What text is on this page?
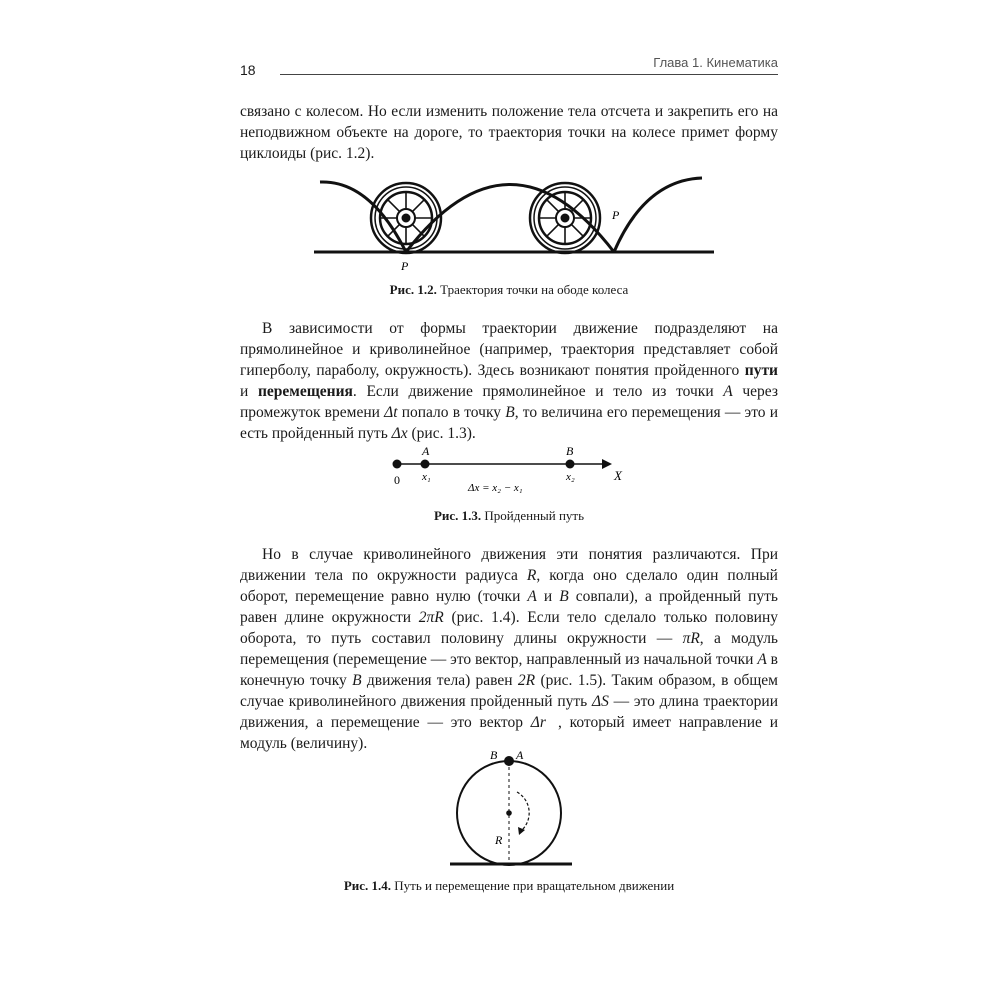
18	Глава 1. Кинематика

связано с колесом. Но если изменить положение тела отсчета и закрепить его на неподвижном объекте на дороге, то траектория точки на колесе примет форму циклоиды (рис. 1.2).

P
P

Рис. 1.2. Траектория точки на ободе колеса

В зависимости от формы траектории движение подразделяют на прямолинейное и криволинейное (например, траектория представляет собой гиперболу, параболу, окружность). Здесь возникают понятия пройденного пути и перемещения. Если движение прямолинейное и тело из точки A через промежуток времени Δt попало в точку B, то величина его перемещения — это и есть пройденный путь Δx (рис. 1.3).

0
A	B
x₁	x₂	X
Δx = x₂ − x₁

Рис. 1.3. Пройденный путь

Но в случае криволинейного движения эти понятия различаются. При движении тела по окружности радиуса R, когда оно сделало один полный оборот, перемещение равно нулю (точки A и B совпали), а пройденный путь равен длине окружности 2πR (рис. 1.4). Если тело сделало только половину оборота, то путь составил половину длины окружности — πR, а модуль перемещения (перемещение — это вектор, направленный из начальной точки A в конечную точку B движения тела) равен 2R (рис. 1.5). Таким образом, в общем случае криволинейного движения пройденный путь ΔS — это длина траектории движения, а перемещение — это вектор Δr⃗, который имеет направление и модуль (величину).

B A
R

Рис. 1.4. Путь и перемещение при вращательном движении
